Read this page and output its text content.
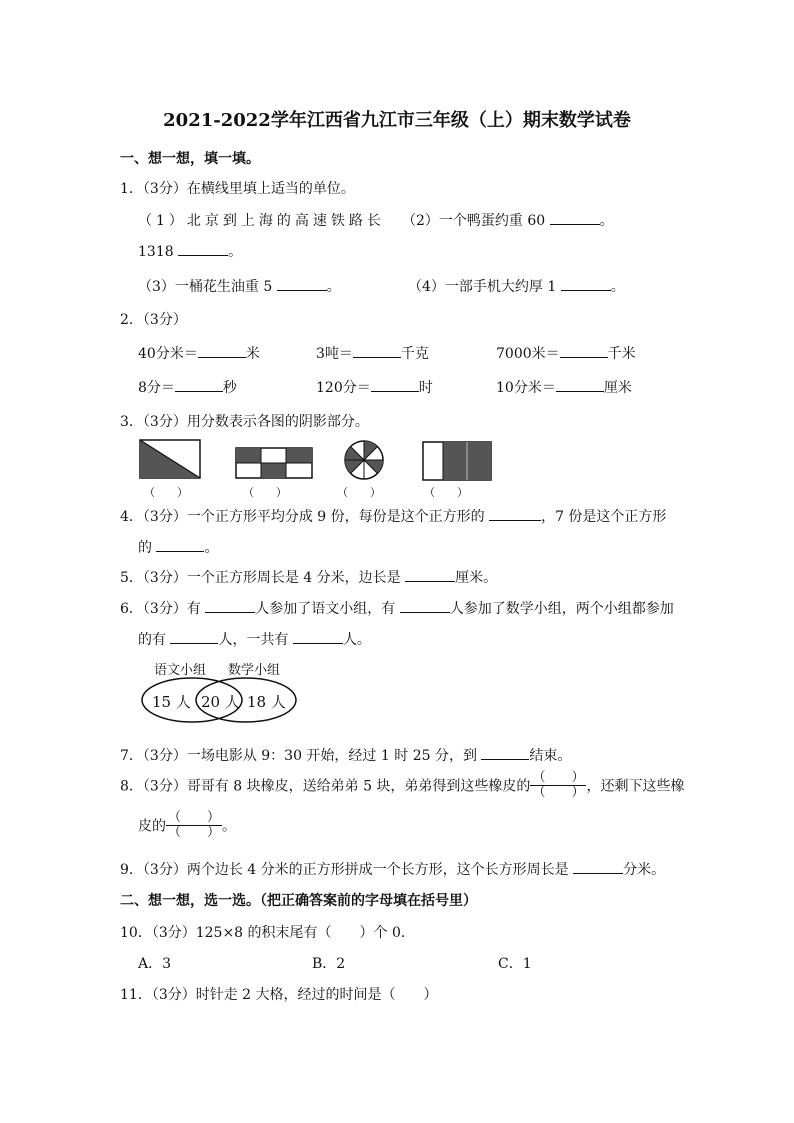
2021-2022学年江西省九江市三年级（上）期末数学试卷
一、想一想，填一填。
1．（3分）在横线里填上适当的单位。
（1）北京到上海的高速铁路长
1318	。
（2）一个鸭蛋约重 60	。
（3）一桶花生油重 5	。	（4）一部手机大约厚 1	。
2．（3分）
40分米＝	米	3吨＝	千克	7000米＝	千米
8分＝	秒	120分＝	时	10分米＝	厘米
3．（3分）用分数表示各图的阴影部分。
（　　）	（　　）	（　　）	（　　）
4．（3分）一个正方形平均分成 9 份，每份是这个正方形的	，7 份是这个正方形
的	。
5．（3分）一个正方形周长是 4 分米，边长是	厘米。
6．（3分）有	人参加了语文小组，有	人参加了数学小组，两个小组都参加
的有	人，一共有	人。
语文小组 数学小组
15 人 20 人 18 人
7．（3分）一场电影从 9：30 开始，经过 1 时 25 分，到	结束。
8．（3分）哥哥有 8 块橡皮，送给弟弟 5 块，弟弟得到这些橡皮的 $\frac{( )}{( )}$ ，还剩下这些橡
皮的 $\frac{( )}{( )}$ 。
9．（3分）两个边长 4 分米的正方形拼成一个长方形，这个长方形周长是	分米。
二、想一想，选一选。（把正确答案前的字母填在括号里）
10．（3分）125×8 的积末尾有（　　）个 0．
A．3	B．2	C．1
11．（3分）时针走 2 大格，经过的时间是（　　）
